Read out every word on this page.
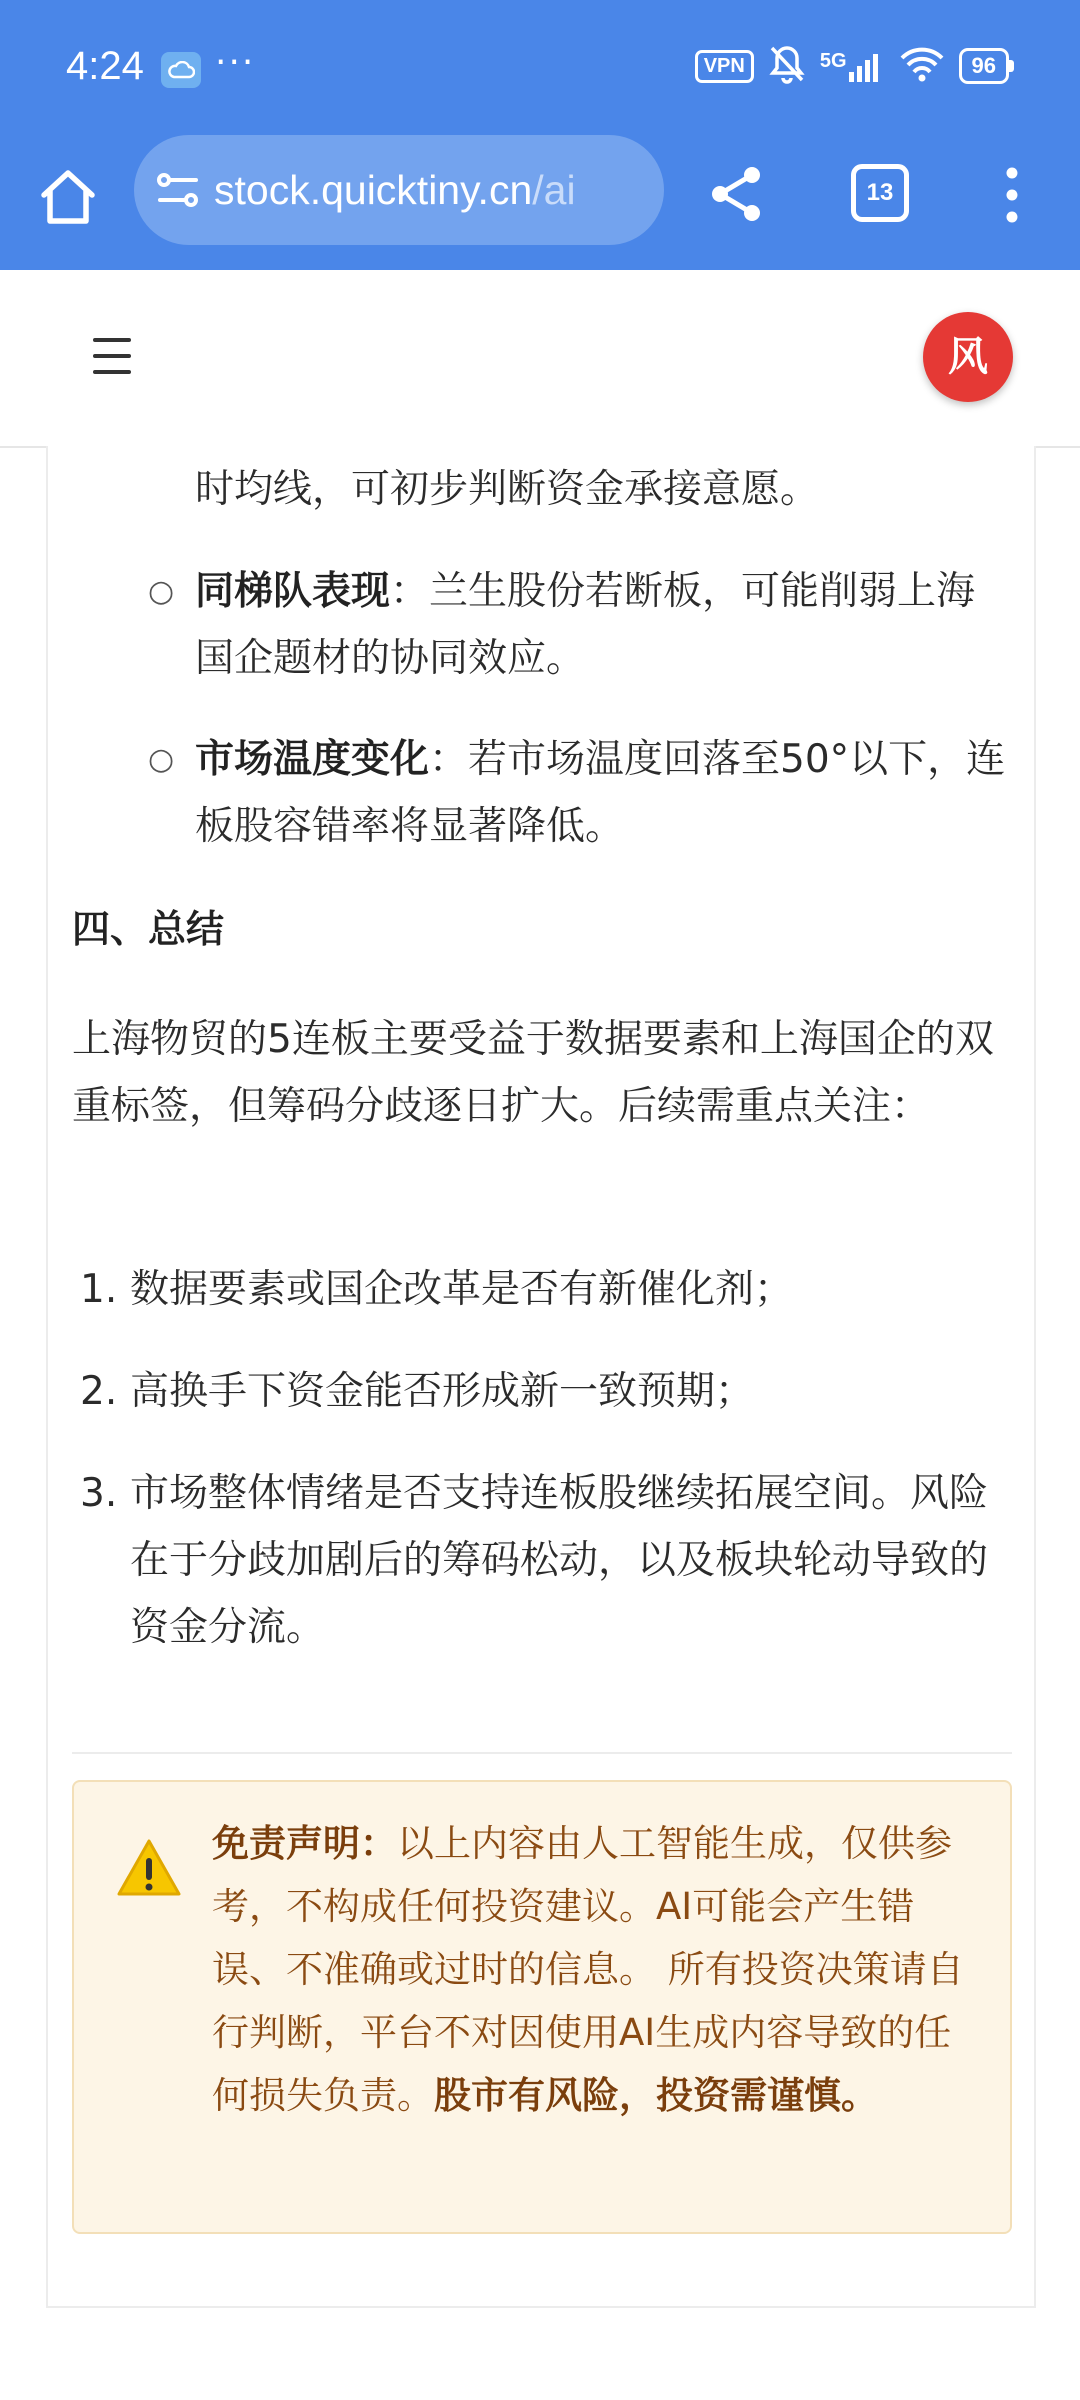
4:24 ···	VPN	5G	96
stock.quicktiny.cn/ai	13
风
时均线，可初步判断资金承接意愿。
○ 同梯队表现：兰生股份若断板，可能削弱上海国企题材的协同效应。
○ 市场温度变化：若市场温度回落至50°以下，连板股容错率将显著降低。
四、总结
上海物贸的5连板主要受益于数据要素和上海国企的双重标签，但筹码分歧逐日扩大。后续需重点关注：
1. 数据要素或国企改革是否有新催化剂；
2. 高换手下资金能否形成新一致预期；
3. 市场整体情绪是否支持连板股继续拓展空间。风险在于分歧加剧后的筹码松动，以及板块轮动导致的资金分流。
免责声明：以上内容由人工智能生成，仅供参考，不构成任何投资建议。AI可能会产生错误、不准确或过时的信息。 所有投资决策请自行判断，平台不对因使用AI生成内容导致的任何损失负责。股市有风险，投资需谨慎。
